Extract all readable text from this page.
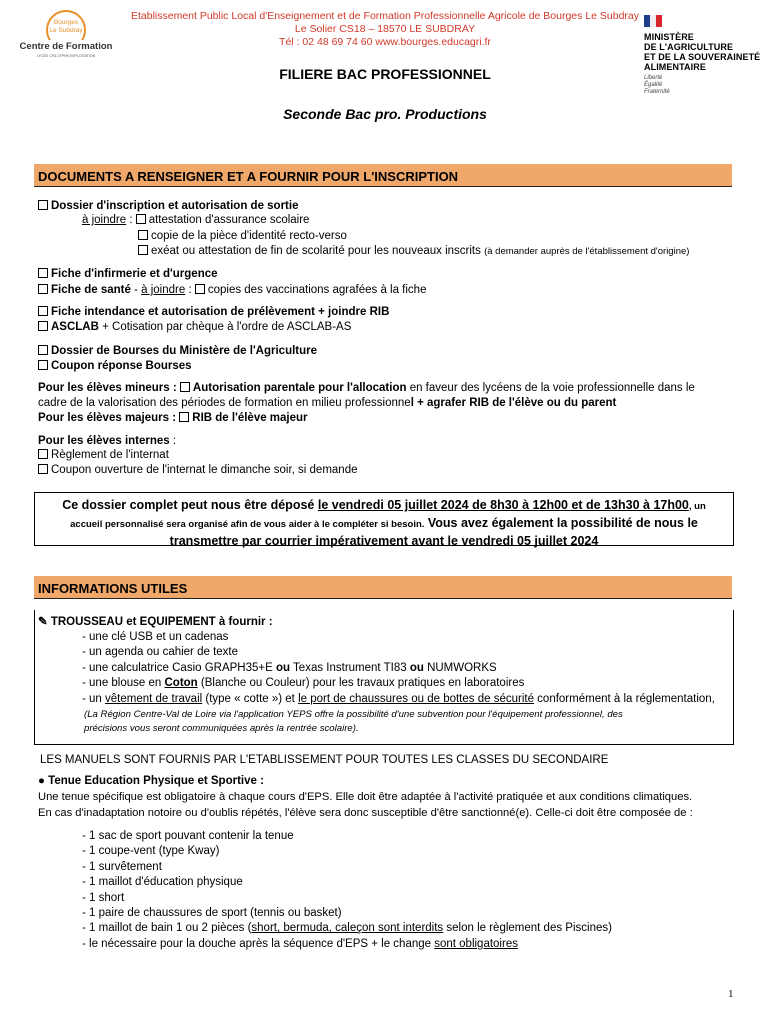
Bourges
Le Subdray
Centre de Formation
LYCÉE CFA CFPPA EXPLOITATION
Etablissement Public Local d'Enseignement et de Formation Professionnelle Agricole de Bourges Le Subdray
Le Solier CS18 – 18570 LE SUBDRAY
Tél : 02 48 69 74 60 www.bourges.educagri.fr	MINISTÈRE
DE L'AGRICULTURE
ET DE LA SOUVERAINETÉ
ALIMENTAIRE
Liberté
Égalité
Fraternité
FILIERE BAC PROFESSIONNEL
Seconde Bac pro. Productions
DOCUMENTS A RENSEIGNER ET A FOURNIR POUR L'INSCRIPTION
Dossier d'inscription et autorisation de sortie
à joindre : attestation d'assurance scolaire
copie de la pièce d'identité recto-verso
exéat ou attestation de fin de scolarité pour les nouveaux inscrits (à demander auprès de l'établissement d'origine)
Fiche d'infirmerie et d'urgence
Fiche de santé - à joindre : copies des vaccinations agrafées à la fiche
Fiche intendance et autorisation de prélèvement + joindre RIB
ASCLAB + Cotisation par chèque à l'ordre de ASCLAB-AS
Dossier de Bourses du Ministère de l'Agriculture
Coupon réponse Bourses
Pour les élèves mineurs : Autorisation parentale pour l'allocation en faveur des lycéens de la voie professionnelle dans le
cadre de la valorisation des périodes de formation en milieu professionnel + agrafer RIB de l'élève ou du parent
Pour les élèves majeurs : RIB de l'élève majeur
Pour les élèves internes :
Règlement de l'internat
Coupon ouverture de l'internat le dimanche soir, si demande
Ce dossier complet peut nous être déposé le vendredi 05 juillet 2024 de 8h30 à 12h00 et de 13h30 à 17h00, un
accueil personnalisé sera organisé afin de vous aider à le compléter si besoin. Vous avez également la possibilité de nous le
transmettre par courrier impérativement avant le vendredi 05 juillet 2024
INFORMATIONS UTILES
✎ TROUSSEAU et EQUIPEMENT à fournir :
- une clé USB et un cadenas
- un agenda ou cahier de texte
- une calculatrice Casio GRAPH35+E ou Texas Instrument TI83 ou NUMWORKS
- une blouse en Coton (Blanche ou Couleur) pour les travaux pratiques en laboratoires
- un vêtement de travail (type « cotte ») et le port de chaussures ou de bottes de sécurité conformément à la réglementation,
(La Région Centre-Val de Loire via l'application YEPS offre la possibilité d'une subvention pour l'équipement professionnel, des
précisions vous seront communiquées après la rentrée scolaire).
LES MANUELS SONT FOURNIS PAR L'ETABLISSEMENT POUR TOUTES LES CLASSES DU SECONDAIRE
● Tenue Education Physique et Sportive :
Une tenue spécifique est obligatoire à chaque cours d'EPS. Elle doit être adaptée à l'activité pratiquée et aux conditions climatiques.
En cas d'inadaptation notoire ou d'oublis répétés, l'élève sera donc susceptible d'être sanctionné(e). Celle-ci doit être composée de :
- 1 sac de sport pouvant contenir la tenue
- 1 coupe-vent (type Kway)
- 1 survêtement
- 1 maillot d'éducation physique
- 1 short
- 1 paire de chaussures de sport (tennis ou basket)
- 1 maillot de bain 1 ou 2 pièces (short, bermuda, caleçon sont interdits selon le règlement des Piscines)
- le nécessaire pour la douche après la séquence d'EPS + le change sont obligatoires
1
